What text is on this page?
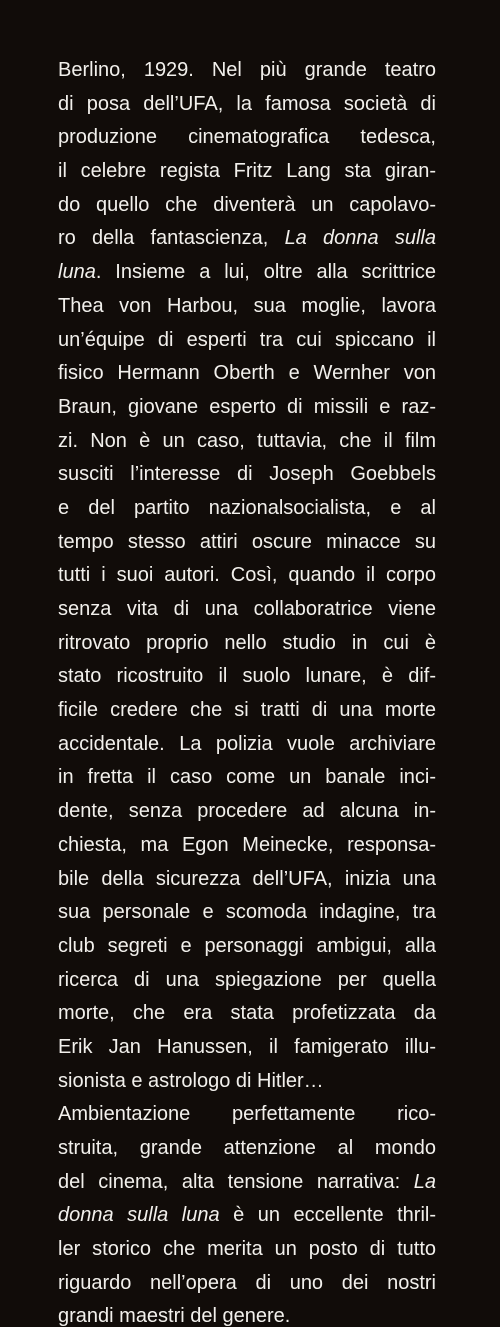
Berlino, 1929. Nel più grande teatro
di posa dell’UFA, la famosa società di
produzione cinematografica tedesca,
il celebre regista Fritz Lang sta giran-
do quello che diventerà un capolavo-
ro della fantascienza, La donna sulla
luna. Insieme a lui, oltre alla scrittrice
Thea von Harbou, sua moglie, lavora
un’équipe di esperti tra cui spiccano il
fisico Hermann Oberth e Wernher von
Braun, giovane esperto di missili e raz-
zi. Non è un caso, tuttavia, che il film
susciti l’interesse di Joseph Goebbels
e del partito nazionalsocialista, e al
tempo stesso attiri oscure minacce su
tutti i suoi autori. Così, quando il corpo
senza vita di una collaboratrice viene
ritrovato proprio nello studio in cui è
stato ricostruito il suolo lunare, è dif-
ficile credere che si tratti di una morte
accidentale. La polizia vuole archiviare
in fretta il caso come un banale inci-
dente, senza procedere ad alcuna in-
chiesta, ma Egon Meinecke, responsa-
bile della sicurezza dell’UFA, inizia una
sua personale e scomoda indagine, tra
club segreti e personaggi ambigui, alla
ricerca di una spiegazione per quella
morte, che era stata profetizzata da
Erik Jan Hanussen, il famigerato illu-
sionista e astrologo di Hitler…
Ambientazione perfettamente rico-
struita, grande attenzione al mondo
del cinema, alta tensione narrativa: La
donna sulla luna è un eccellente thril-
ler storico che merita un posto di tutto
riguardo nell’opera di uno dei nostri
grandi maestri del genere.
